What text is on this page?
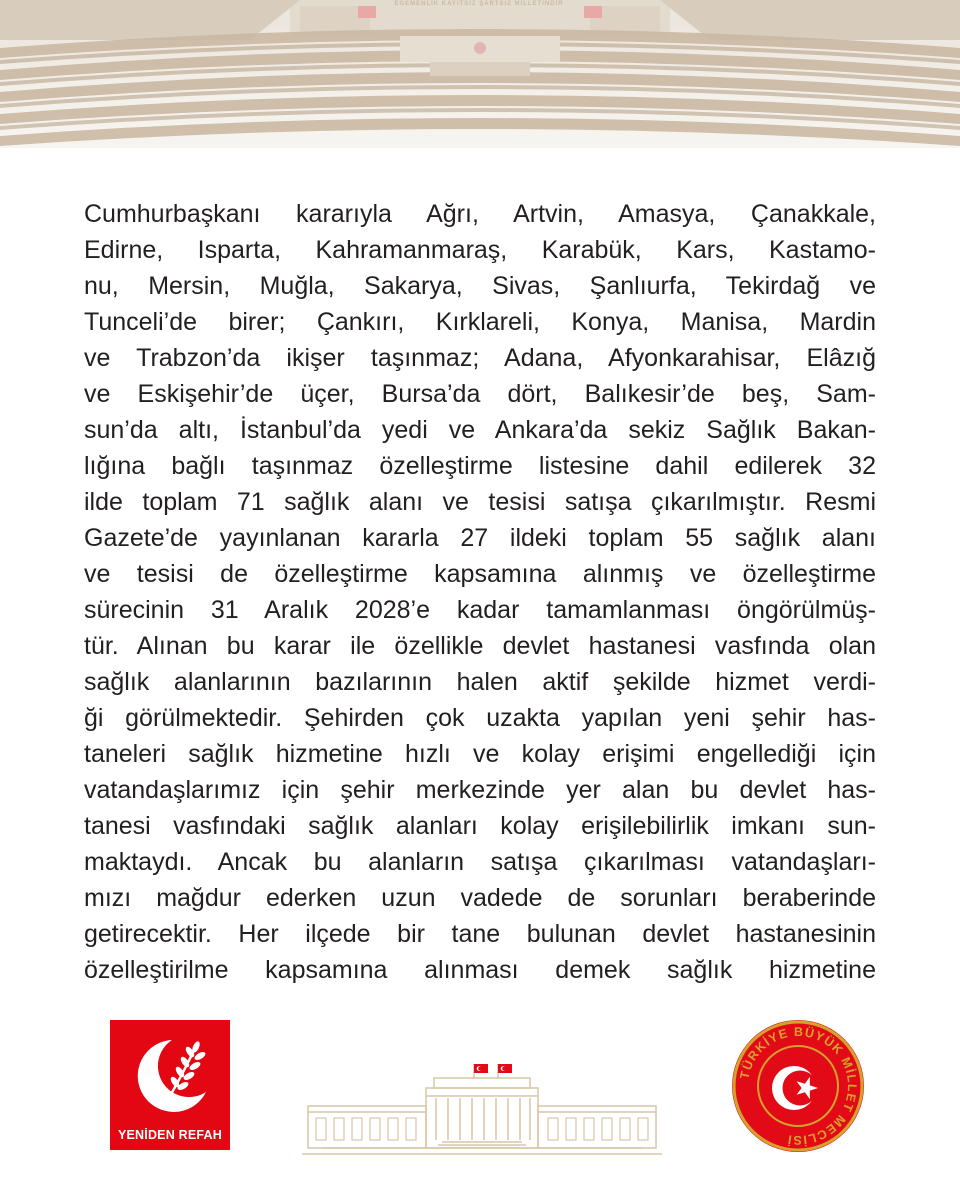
EGEMENLİK KAYITSIZ ŞARTSIZ MİLLETİNDİR
Cumhurbaşkanı kararıyla Ağrı, Artvin, Amasya, Çanakkale,
Edirne, Isparta, Kahramanmaraş, Karabük, Kars, Kastamo-
nu, Mersin, Muğla, Sakarya, Sivas, Şanlıurfa, Tekirdağ ve
Tunceli’de birer; Çankırı, Kırklareli, Konya, Manisa, Mardin
ve Trabzon’da ikişer taşınmaz; Adana, Afyonkarahisar, Elâzığ
ve Eskişehir’de üçer, Bursa’da dört, Balıkesir’de beş, Sam-
sun’da altı, İstanbul’da yedi ve Ankara’da sekiz Sağlık Bakan-
lığına bağlı taşınmaz özelleştirme listesine dahil edilerek 32
ilde toplam 71 sağlık alanı ve tesisi satışa çıkarılmıştır. Resmi
Gazete’de yayınlanan kararla 27 ildeki toplam 55 sağlık alanı
ve tesisi de özelleştirme kapsamına alınmış ve özelleştirme
sürecinin 31 Aralık 2028’e kadar tamamlanması öngörülmüş-
tür. Alınan bu karar ile özellikle devlet hastanesi vasfında olan
sağlık alanlarının bazılarının halen aktif şekilde hizmet verdi-
ği görülmektedir. Şehirden çok uzakta yapılan yeni şehir has-
taneleri sağlık hizmetine hızlı ve kolay erişimi engellediği için
vatandaşlarımız için şehir merkezinde yer alan bu devlet has-
tanesi vasfındaki sağlık alanları kolay erişilebilirlik imkanı sun-
maktaydı. Ancak bu alanların satışa çıkarılması vatandaşları-
mızı mağdur ederken uzun vadede de sorunları beraberinde
getirecektir. Her ilçede bir tane bulunan devlet hastanesinin
özelleştirilme kapsamına alınması demek sağlık hizmetine
YENİDEN REFAH
TÜRKİYE BÜYÜK MİLLET MECLİSİ
